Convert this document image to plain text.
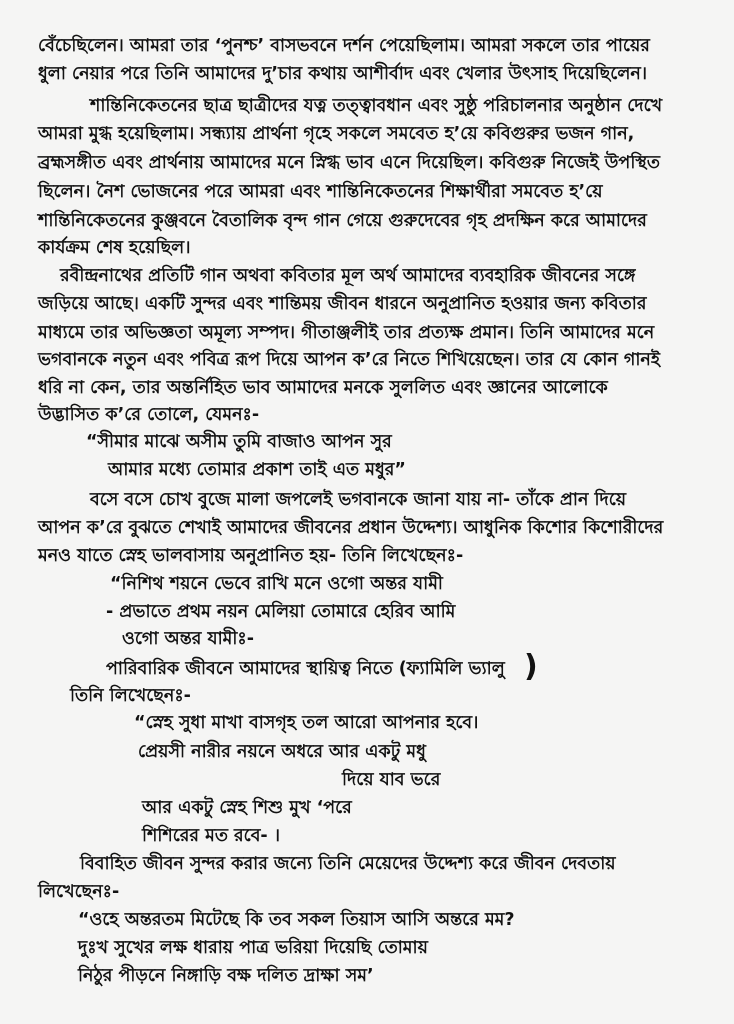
বেঁচেছিলেন। আমরা তার ‘পুনশ্চ’ বাসভবনে দর্শন পেয়েছিলাম। আমরা সকলে তার পায়ের
ধুলা নেয়ার পরে তিনি আমাদের দু’চার কথায় আশীর্বাদ এবং খেলার উৎসাহ দিয়েছিলেন।
শান্তিনিকেতনের ছাত্র ছাত্রীদের যত্ন তত্ত্বাবধান এবং সুষ্ঠু পরিচালনার অনুষ্ঠান দেখে
আমরা মুগ্ধ হয়েছিলাম। সন্ধ্যায় প্রার্থনা গৃহে সকলে সমবেত হ’য়ে কবিগুরুর ভজন গান,
ব্রহ্মসঙ্গীত এবং প্রার্থনায় আমাদের মনে স্নিগ্ধ ভাব এনে দিয়েছিল। কবিগুরু নিজেই উপস্থিত
ছিলেন। নৈশ ভোজনের পরে আমরা এবং শান্তিনিকেতনের শিক্ষার্থীরা সমবেত হ’য়ে
শান্তিনিকেতনের কুঞ্জবনে বৈতালিক বৃন্দ গান গেয়ে গুরুদেবের গৃহ প্রদক্ষিন করে আমাদের
কার্যক্রম শেষ হয়েছিল।
রবীন্দ্রনাথের প্রতিটি গান অথবা কবিতার মূল অর্থ আমাদের ব্যবহারিক জীবনের সঙ্গে
জড়িয়ে আছে। একটি সুন্দর এবং শান্তিময় জীবন ধারনে অনুপ্রানিত হওয়ার জন্য কবিতার
মাধ্যমে তার অভিজ্ঞতা অমূল্য সম্পদ। গীতাঞ্জলীই তার প্রত্যক্ষ প্রমান। তিনি আমাদের মনে
ভগবানকে নতুন এবং পবিত্র রূপ দিয়ে আপন ক’রে নিতে শিখিয়েছেন। তার যে কোন গানই
ধরি না কেন, তার অন্তর্নিহিত ভাব আমাদের মনকে সুললিত এবং জ্ঞানের আলোকে
উদ্ভাসিত ক’রে তোলে, যেমনঃ-
“সীমার মাঝে অসীম তুমি বাজাও আপন সুর
আমার মধ্যে তোমার প্রকাশ তাই এত মধুর”
বসে বসে চোখ বুজে মালা জপলেই ভগবানকে জানা যায় না- তাঁকে প্রান দিয়ে
আপন ক’রে বুঝতে শেখাই আমাদের জীবনের প্রধান উদ্দেশ্য। আধুনিক কিশোর কিশোরীদের
মনও যাতে স্নেহ ভালবাসায় অনুপ্রানিত হয়- তিনি লিখেছেনঃ-
“নিশিথ শয়নে ভেবে রাখি মনে ওগো অন্তর যামী
- প্রভাতে প্রথম নয়ন মেলিয়া তোমারে হেরিব আমি
ওগো অন্তর যামীঃ-
পারিবারিক জীবনে আমাদের স্থায়িত্ব নিতে (ফ্যামিলি ভ্যালু )
তিনি লিখেছেনঃ-
“স্নেহ সুধা মাখা বাসগৃহ তল আরো আপনার হবে।
প্রেয়সী নারীর নয়নে অধরে আর একটু মধু
দিয়ে যাব ভরে
আর একটু স্নেহ শিশু মুখ ‘পরে
শিশিরের মত রবে- ।
বিবাহিত জীবন সুন্দর করার জন্যে তিনি মেয়েদের উদ্দেশ্য করে জীবন দেবতায়
লিখেছেনঃ-
“ওহে অন্তরতম মিটেছে কি তব সকল তিয়াস আসি অন্তরে মম?
দুঃখ সুখের লক্ষ ধারায় পাত্র ভরিয়া দিয়েছি তোমায়
নিঠুর পীড়নে নিঙ্গাড়ি বক্ষ দলিত দ্রাক্ষা সম’
